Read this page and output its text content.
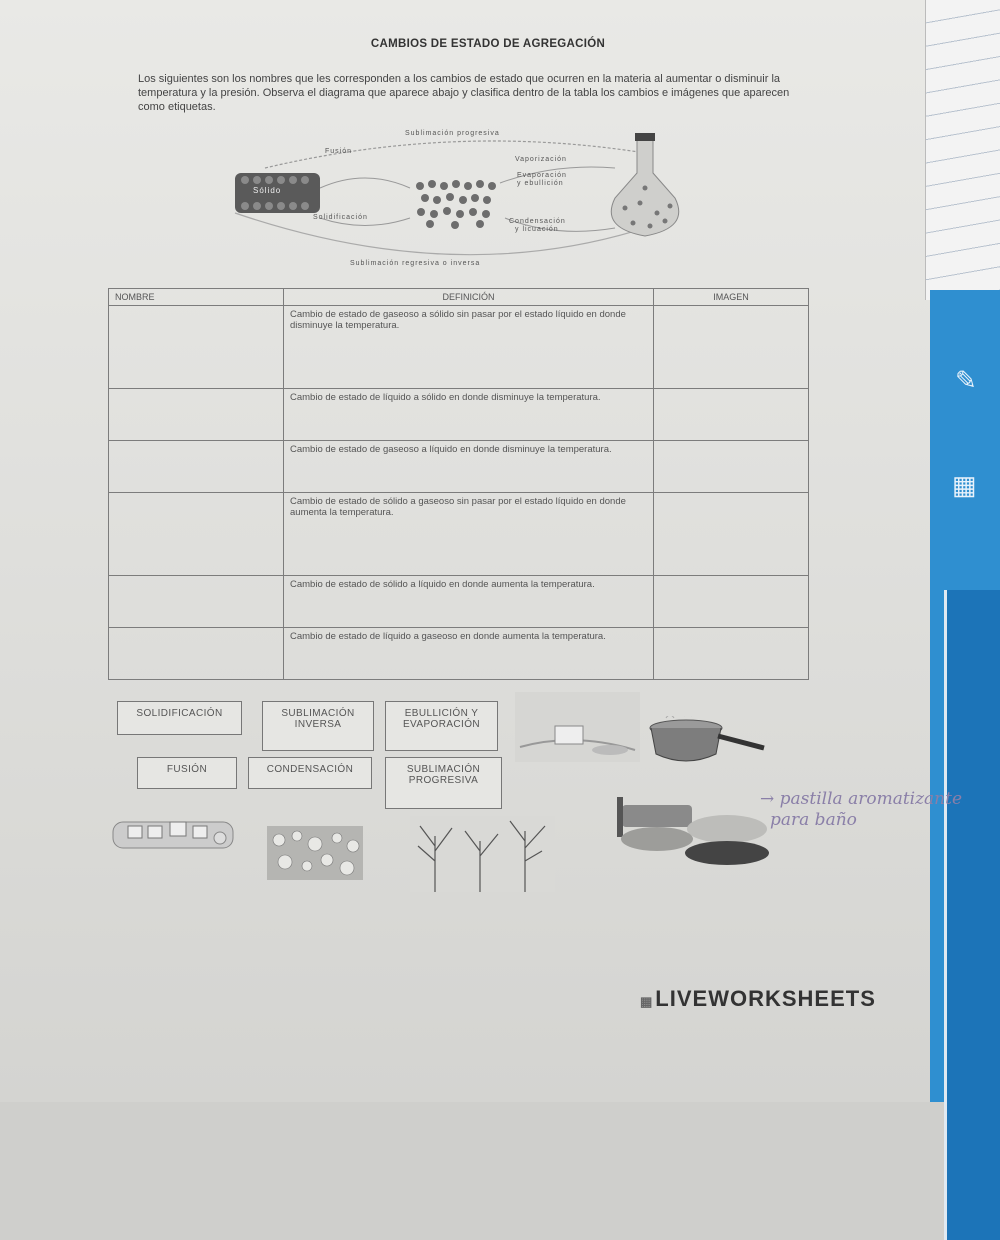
✎
▦
CAMBIOS DE ESTADO DE AGREGACIÓN
Los siguientes son los nombres que les corresponden a los cambios de estado que ocurren en la materia al aumentar o disminuir la temperatura y la presión. Observa el diagrama que aparece abajo y clasifica dentro de la tabla los cambios e imágenes que aparecen como etiquetas.
Sublimación progresiva
Fusión
Vaporización
Evaporación
y ebullición
Sólido
Solidificación
Condensación
y licuación
Sublimación regresiva o inversa
NOMBRE	DEFINICIÓN	IMAGEN
	Cambio de estado de gaseoso a sólido sin pasar por el estado líquido en donde disminuye la temperatura.	
	Cambio de estado de líquido a sólido en donde disminuye la temperatura.	
	Cambio de estado de gaseoso a líquido en donde disminuye la temperatura.	
	Cambio de estado de sólido a gaseoso sin pasar por el estado líquido en donde aumenta la temperatura.	
	Cambio de estado de sólido a líquido en donde aumenta la temperatura.	
	Cambio de estado de líquido a gaseoso en donde aumenta la temperatura.	
SOLIDIFICACIÓN	SUBLIMACIÓN INVERSA
EBULLICIÓN Y EVAPORACIÓN
FUSIÓN	CONDENSACIÓN	SUBLIMACIÓN PROGRESIVA
→ pastilla aromatizante
para baño
▦LIVEWORKSHEETS
